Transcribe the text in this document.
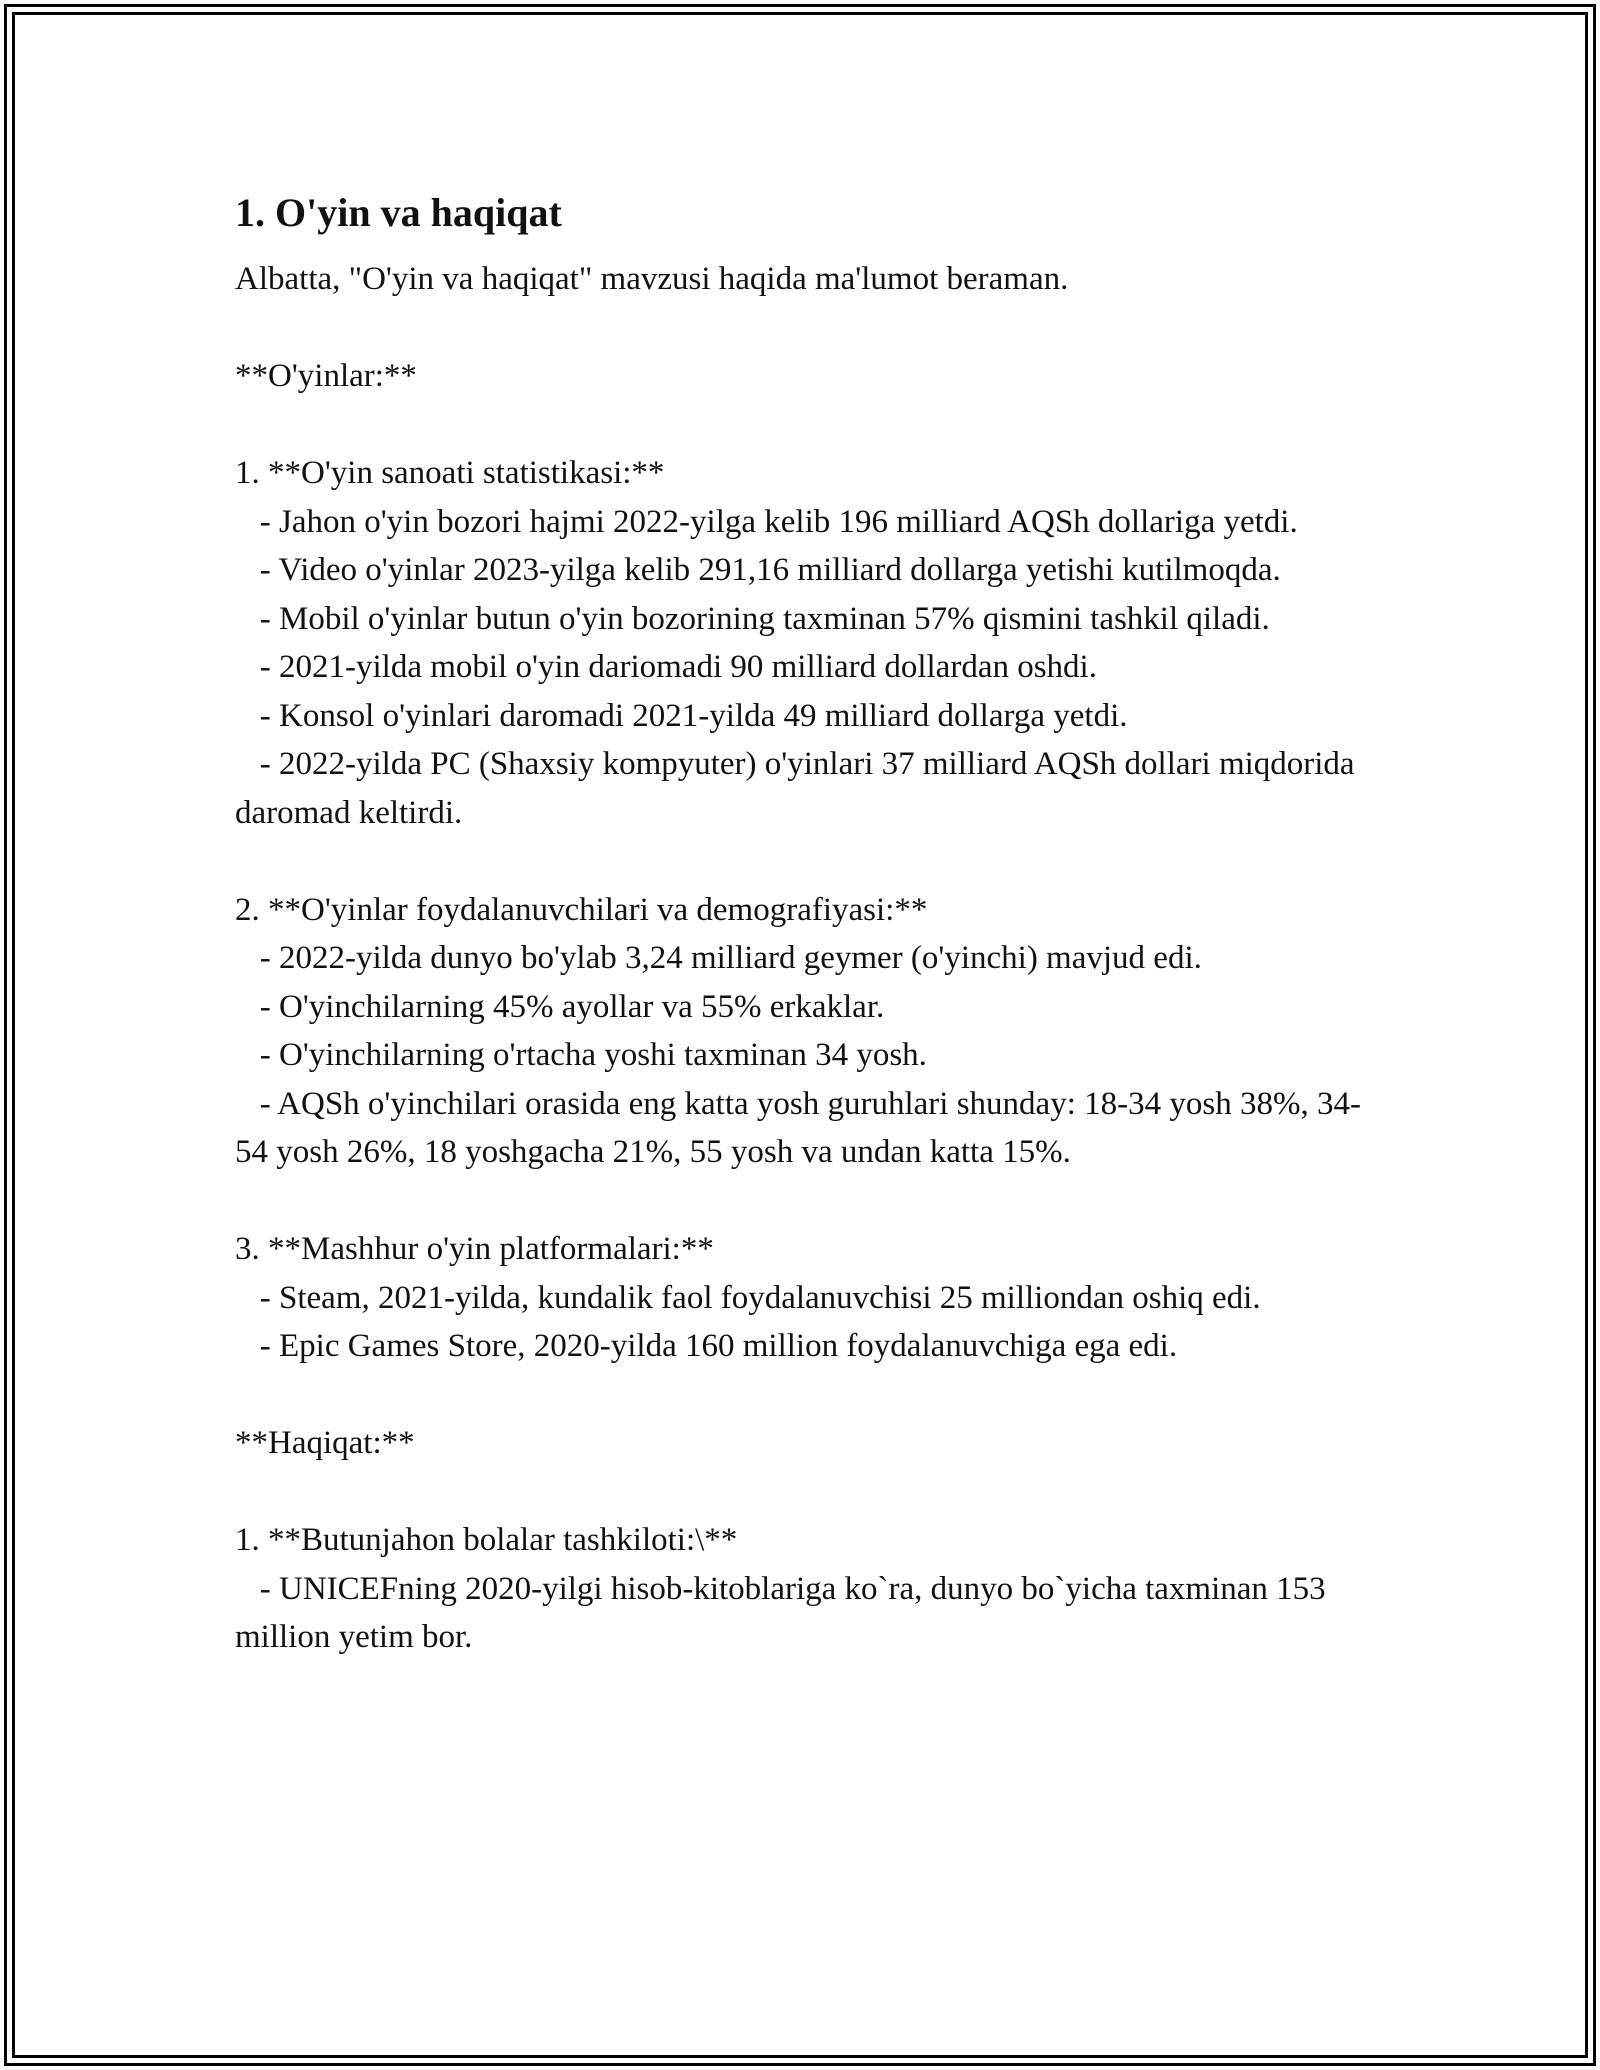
1. O'yin va haqiqat
Albatta, "O'yin va haqiqat" mavzusi haqida ma'lumot beraman.

**O'yinlar:**

1. **O'yin sanoati statistikasi:**
- Jahon o'yin bozori hajmi 2022-yilga kelib 196 milliard AQSh dollariga yetdi.
- Video o'yinlar 2023-yilga kelib 291,16 milliard dollarga yetishi kutilmoqda.
- Mobil o'yinlar butun o'yin bozorining taxminan 57% qismini tashkil qiladi.
- 2021-yilda mobil o'yin dariomadi 90 milliard dollardan oshdi.
- Konsol o'yinlari daromadi 2021-yilda 49 milliard dollarga yetdi.
- 2022-yilda PC (Shaxsiy kompyuter) o'yinlari 37 milliard AQSh dollari miqdorida daromad keltirdi.

2. **O'yinlar foydalanuvchilari va demografiyasi:**
- 2022-yilda dunyo bo'ylab 3,24 milliard geymer (o'yinchi) mavjud edi.
- O'yinchilarning 45% ayollar va 55% erkaklar.
- O'yinchilarning o'rtacha yoshi taxminan 34 yosh.
- AQSh o'yinchilari orasida eng katta yosh guruhlari shunday: 18-34 yosh 38%, 34-54 yosh 26%, 18 yoshgacha 21%, 55 yosh va undan katta 15%.

3. **Mashhur o'yin platformalari:**
- Steam, 2021-yilda, kundalik faol foydalanuvchisi 25 milliondan oshiq edi.
- Epic Games Store, 2020-yilda 160 million foydalanuvchiga ega edi.

**Haqiqat:**

1. **Butunjahon bolalar tashkiloti:\**
- UNICEFning 2020-yilgi hisob-kitoblariga ko`ra, dunyo bo`yicha taxminan 153 million yetim bor.
